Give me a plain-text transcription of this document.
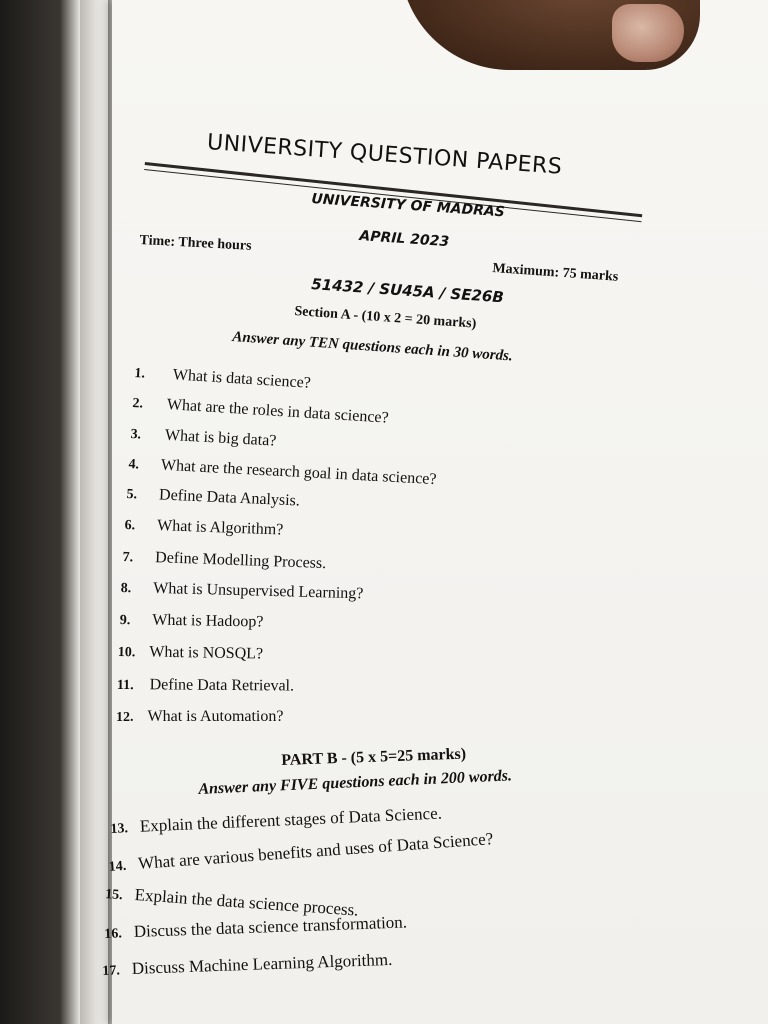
UNIVERSITY QUESTION PAPERS
UNIVERSITY OF MADRAS
Time: Three hours	APRIL 2023
Maximum: 75 marks
51432 / SU45A / SE26B
Section A - (10 x 2 = 20 marks)
Answer any TEN questions each in 30 words.
1. What is data science?
2. What are the roles in data science?
3. What is big data?
4. What are the research goal in data science?
5. Define Data Analysis.
6. What is Algorithm?
7. Define Modelling Process.
8. What is Unsupervised Learning?
9. What is Hadoop?
10. What is NOSQL?
11. Define Data Retrieval.
12. What is Automation?
PART B - (5 x 5=25 marks)
Answer any FIVE questions each in 200 words.
13. Explain the different stages of Data Science.
14. What are various benefits and uses of Data Science?
15. Explain the data science process.
16. Discuss the data science transformation.
17. Discuss Machine Learning Algorithm.
